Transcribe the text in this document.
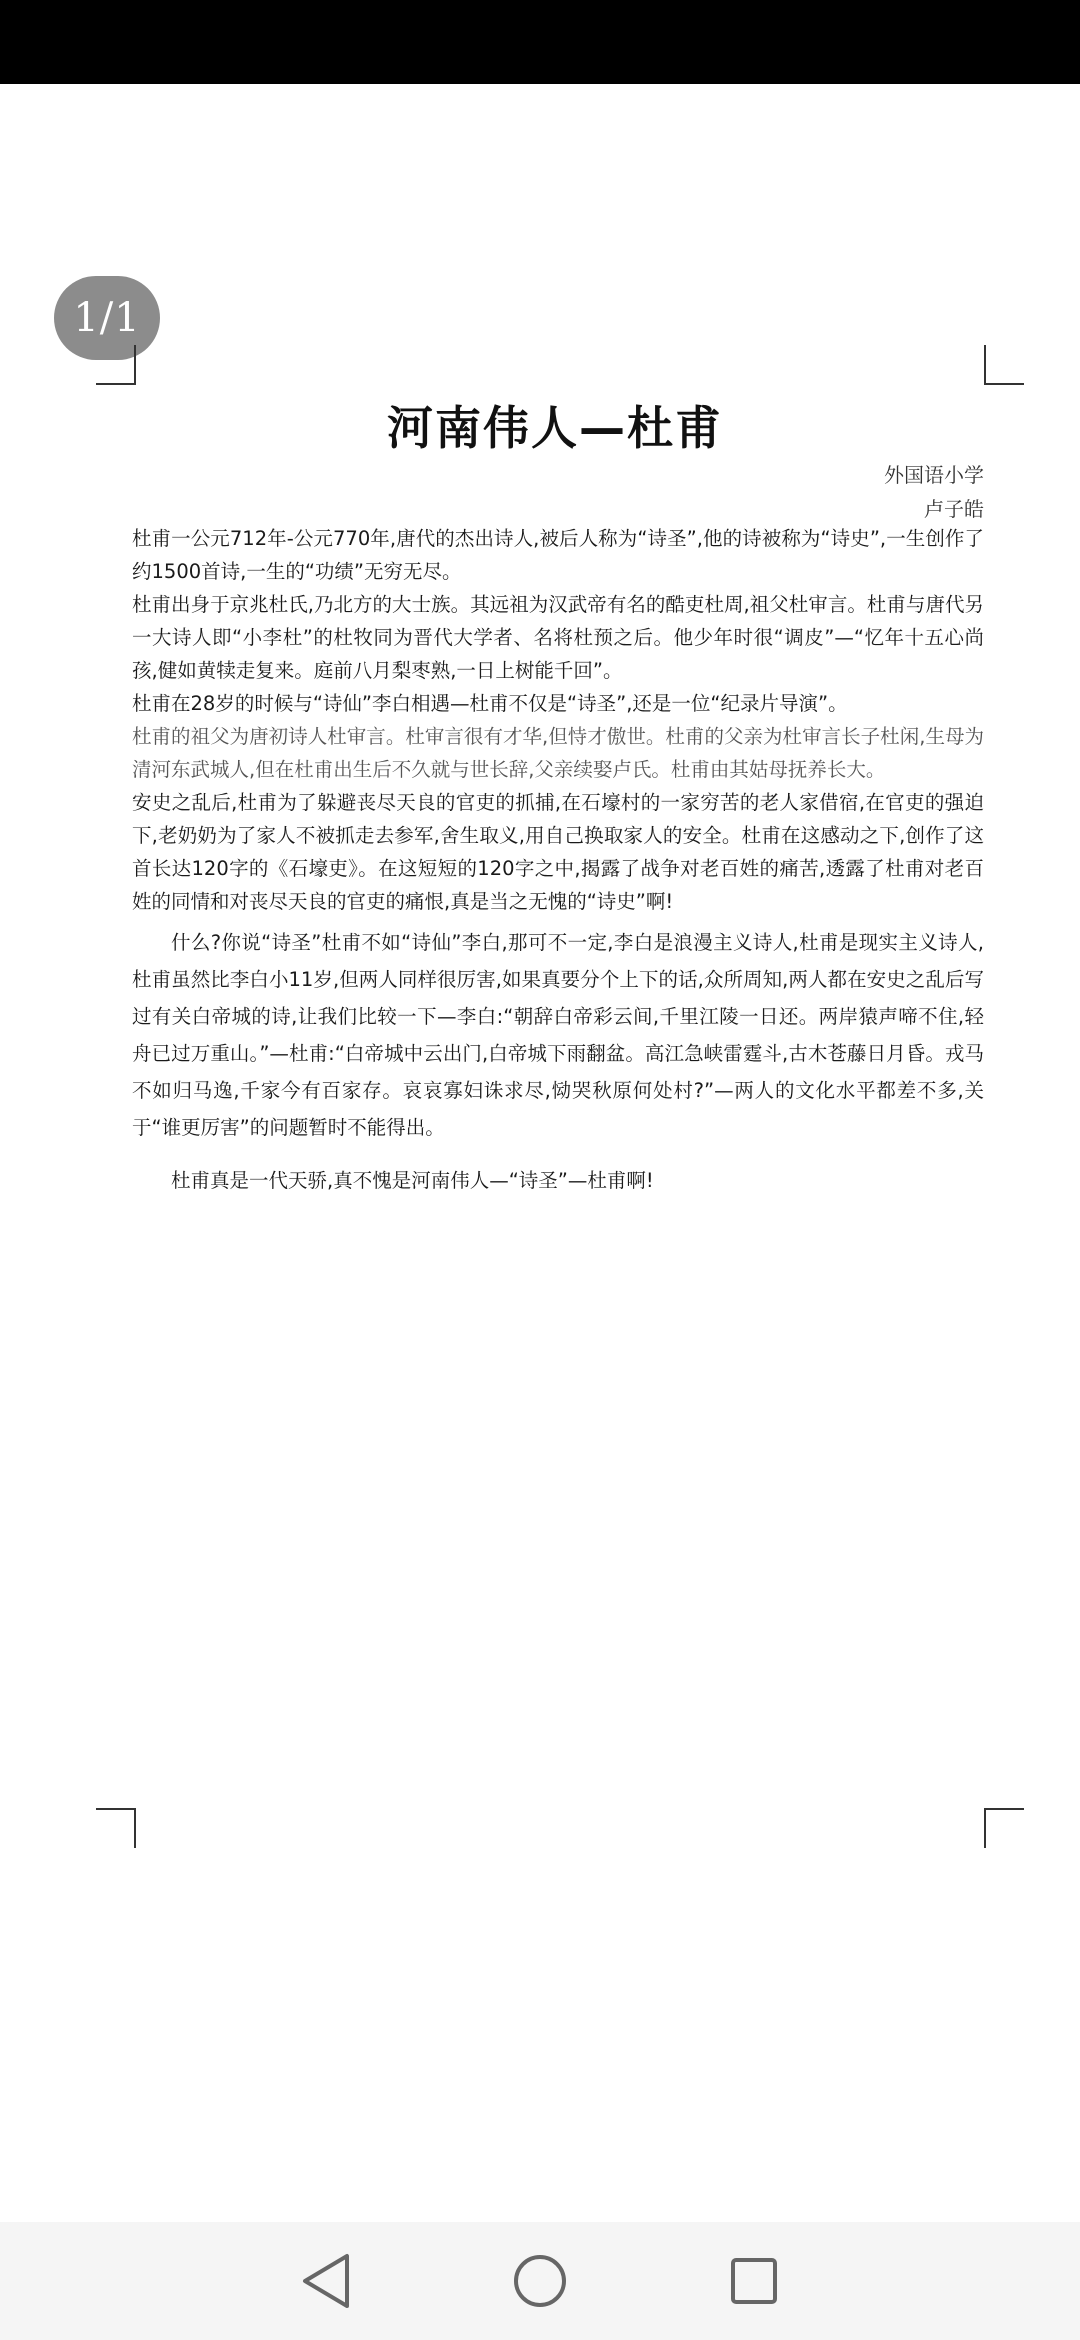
1/1
河南伟人—杜甫
外国语小学
卢子皓

杜甫一公元712年-公元770年,唐代的杰出诗人,被后人称为“诗圣”,他的诗被称为“诗史”,一生创作了约1500首诗,一生的“功绩”无穷无尽。

杜甫出身于京兆杜氏,乃北方的大士族。其远祖为汉武帝有名的酷吏杜周,祖父杜审言。杜甫与唐代另一大诗人即“小李杜”的杜牧同为晋代大学者、名将杜预之后。他少年时很“调皮”—“忆年十五心尚孩,健如黄犊走复来。庭前八月梨枣熟,一日上树能千回”。

杜甫在28岁的时候与“诗仙”李白相遇—杜甫不仅是“诗圣”,还是一位“纪录片导演”。

杜甫的祖父为唐初诗人杜审言。杜审言很有才华,但恃才傲世。杜甫的父亲为杜审言长子杜闲,生母为清河东武城人,但在杜甫出生后不久就与世长辞,父亲续娶卢氏。杜甫由其姑母抚养长大。

安史之乱后,杜甫为了躲避丧尽天良的官吏的抓捕,在石壕村的一家穷苦的老人家借宿,在官吏的强迫下,老奶奶为了家人不被抓走去参军,舍生取义,用自己换取家人的安全。杜甫在这感动之下,创作了这首长达120字的《石壕吏》。在这短短的120字之中,揭露了战争对老百姓的痛苦,透露了杜甫对老百姓的同情和对丧尽天良的官吏的痛恨,真是当之无愧的“诗史”啊!

什么?你说“诗圣”杜甫不如“诗仙”李白,那可不一定,李白是浪漫主义诗人,杜甫是现实主义诗人,杜甫虽然比李白小11岁,但两人同样很厉害,如果真要分个上下的话,众所周知,两人都在安史之乱后写过有关白帝城的诗,让我们比较一下—李白:“朝辞白帝彩云间,千里江陵一日还。两岸猿声啼不住,轻舟已过万重山。”—杜甫:“白帝城中云出门,白帝城下雨翻盆。高江急峡雷霆斗,古木苍藤日月昏。戎马不如归马逸,千家今有百家存。哀哀寡妇诛求尽,恸哭秋原何处村?”—两人的文化水平都差不多,关于“谁更厉害”的问题暂时不能得出。

杜甫真是一代天骄,真不愧是河南伟人—“诗圣”—杜甫啊!
